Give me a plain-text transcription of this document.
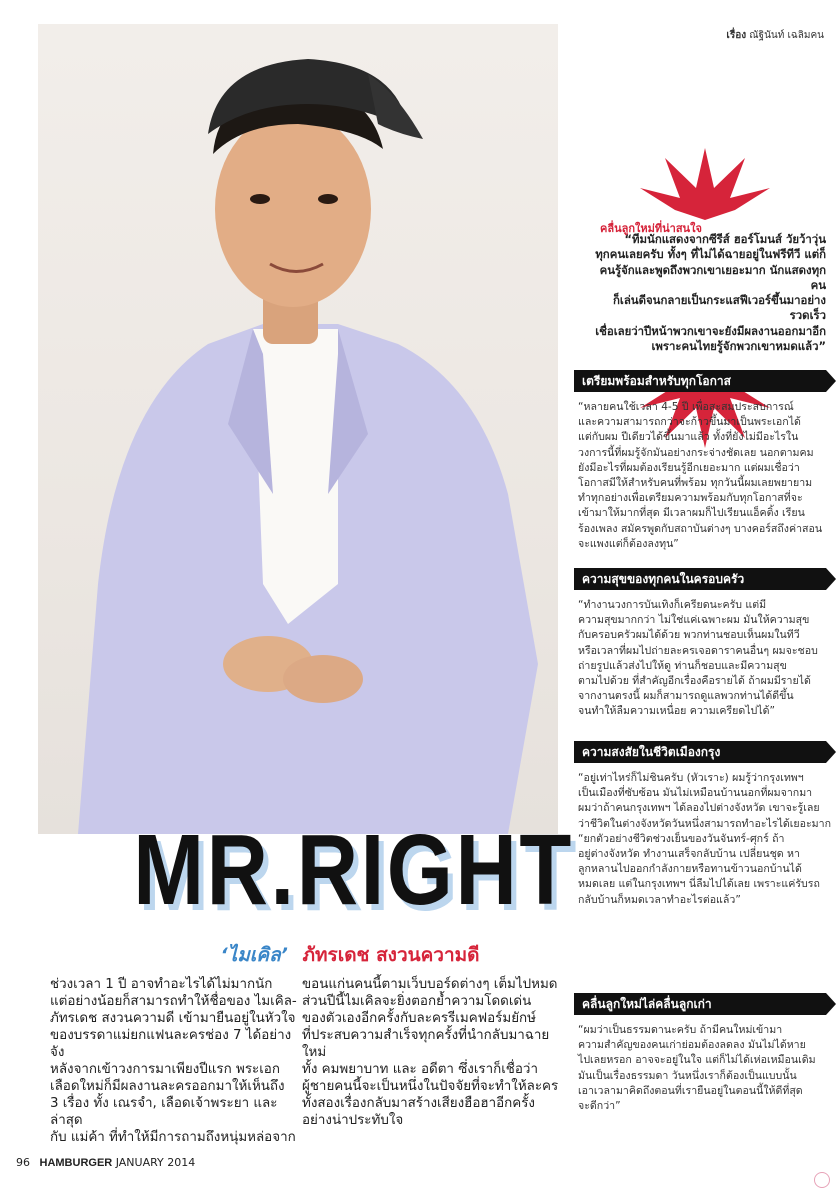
เรื่อง ณัฐินันท์ เฉลิมคน
MR.RIGHT
‘ไมเคิล’ ภัทรเดช สงวนความดี
ช่วงเวลา 1 ปี อาจทำอะไรได้ไม่มากนัก
แต่อย่างน้อยก็สามารถทำให้ชื่อของ ไมเคิล-
ภัทรเดช สงวนความดี เข้ามายืนอยู่ในหัวใจ
ของบรรดาแม่ยกแฟนละครช่อง 7 ได้อย่างจัง
หลังจากเข้าวงการมาเพียงปีแรก พระเอก
เลือดใหม่ก็มีผลงานละครออกมาให้เห็นถึง
3 เรื่อง ทั้ง เณรจำ, เลือดเจ้าพระยา และล่าสุด
กับ แม่ค้า ที่ทำให้มีการถามถึงหนุ่มหล่อจาก
ขอนแก่นคนนี้ตามเว็บบอร์ดต่างๆ เต็มไปหมด
ส่วนปีนี้ไมเคิลจะยิ่งตอกย้ำความโดดเด่น
ของตัวเองอีกครั้งกับละครรีเมคฟอร์มยักษ์
ที่ประสบความสำเร็จทุกครั้งที่นำกลับมาฉายใหม่
ทั้ง คมพยาบาท และ อดีตา ซึ่งเราก็เชื่อว่า
ผู้ชายคนนี้จะเป็นหนึ่งในปัจจัยที่จะทำให้ละคร
ทั้งสองเรื่องกลับมาสร้างเสียงฮือฮาอีกครั้ง
อย่างน่าประทับใจ
คลื่นลูกใหม่ที่น่าสนใจ
“ทีมนักแสดงจากซีรีส์ ฮอร์โมนส์ วัยว้าวุ่น
ทุกคนเลยครับ ทั้งๆ ที่ไม่ได้ฉายอยู่ในฟรีทีวี แต่ก็
คนรู้จักและพูดถึงพวกเขาเยอะมาก นักแสดงทุกคน
ก็เล่นดีจนกลายเป็นกระแสฟีเวอร์ขึ้นมาอย่างรวดเร็ว
เชื่อเลยว่าปีหน้าพวกเขาจะยังมีผลงานออกมาอีก
เพราะคนไทยรู้จักพวกเขาหมดแล้ว”
เตรียมพร้อมสำหรับทุกโอกาส
“หลายคนใช้เวลา 4-5 ปี เพื่อสะสมประสบการณ์
และความสามารถกว่าจะก้าวขึ้นมาเป็นพระเอกได้
แต่กับผม ปีเดียวได้ขึ้นมาแล้ว ทั้งที่ยังไม่มีอะไรใน
วงการนี้ที่ผมรู้จักมันอย่างกระจ่างชัดเลย นอกตามคม
ยังมีอะไรที่ผมต้องเรียนรู้อีกเยอะมาก แต่ผมเชื่อว่า
โอกาสมีให้สำหรับคนที่พร้อม ทุกวันนี้ผมเลยพยายาม
ทำทุกอย่างเพื่อเตรียมความพร้อมกับทุกโอกาสที่จะ
เข้ามาให้มากที่สุด มีเวลาผมก็ไปเรียนแอ็คติ้ง เรียน
ร้องเพลง สมัครพูดกับสถาบันต่างๆ บางคอร์สถึงค่าสอน
จะแพงแต่ก็ต้องลงทุน”
ความสุขของทุกคนในครอบครัว
“ทำงานวงการบันเทิงก็เครียดนะครับ แต่มี
ความสุขมากกว่า ไม่ใช่แค่เฉพาะผม มันให้ความสุข
กับครอบครัวผมได้ด้วย พวกท่านชอบเห็นผมในทีวี
หรือเวลาที่ผมไปถ่ายละครเจอดาราคนอื่นๆ ผมจะชอบ
ถ่ายรูปแล้วส่งไปให้ดู ท่านก็ชอบและมีความสุข
ตามไปด้วย ที่สำคัญอีกเรื่องคือรายได้ ถ้าผมมีรายได้
จากงานตรงนี้ ผมก็สามารถดูแลพวกท่านได้ดีขึ้น
จนทำให้ลืมความเหนื่อย ความเครียดไปได้”
ความสงสัยในชีวิตเมืองกรุง
“อยู่เท่าไหร่ก็ไม่ชินครับ (หัวเราะ) ผมรู้ว่ากรุงเทพฯ
เป็นเมืองที่ซับซ้อน มันไม่เหมือนบ้านนอกที่ผมจากมา
ผมว่าถ้าคนกรุงเทพฯ ได้ลองไปต่างจังหวัด เขาจะรู้เลย
ว่าชีวิตในต่างจังหวัดวันหนึ่งสามารถทำอะไรได้เยอะมาก
“ยกตัวอย่างชีวิตช่วงเย็นของวันจันทร์-ศุกร์ ถ้า
อยู่ต่างจังหวัด ทำงานเสร็จกลับบ้าน เปลี่ยนชุด หา
ลูกหลานไปออกกำลังกายหรือทานข้าวนอกบ้านได้
หมดเลย แต่ในกรุงเทพฯ นี่ลืมไปได้เลย เพราะแค่รับรถ
กลับบ้านก็หมดเวลาทำอะไรต่อแล้ว”
คลื่นลูกใหม่ไล่คลื่นลูกเก่า
“ผมว่าเป็นธรรมดานะครับ ถ้ามีคนใหม่เข้ามา
ความสำคัญของคนเก่าย่อมต้องลดลง มันไม่ได้หาย
ไปเลยหรอก อาจจะอยู่ในใจ แต่ก็ไม่ได้เห่อเหมือนเดิม
มันเป็นเรื่องธรรมดา วันหนึ่งเราก็ต้องเป็นแบบนั้น
เอาเวลามาคิดถึงตอนที่เรายืนอยู่ในตอนนี้ให้ดีที่สุด
จะดีกว่า”
96 HAMBURGER JANUARY 2014
